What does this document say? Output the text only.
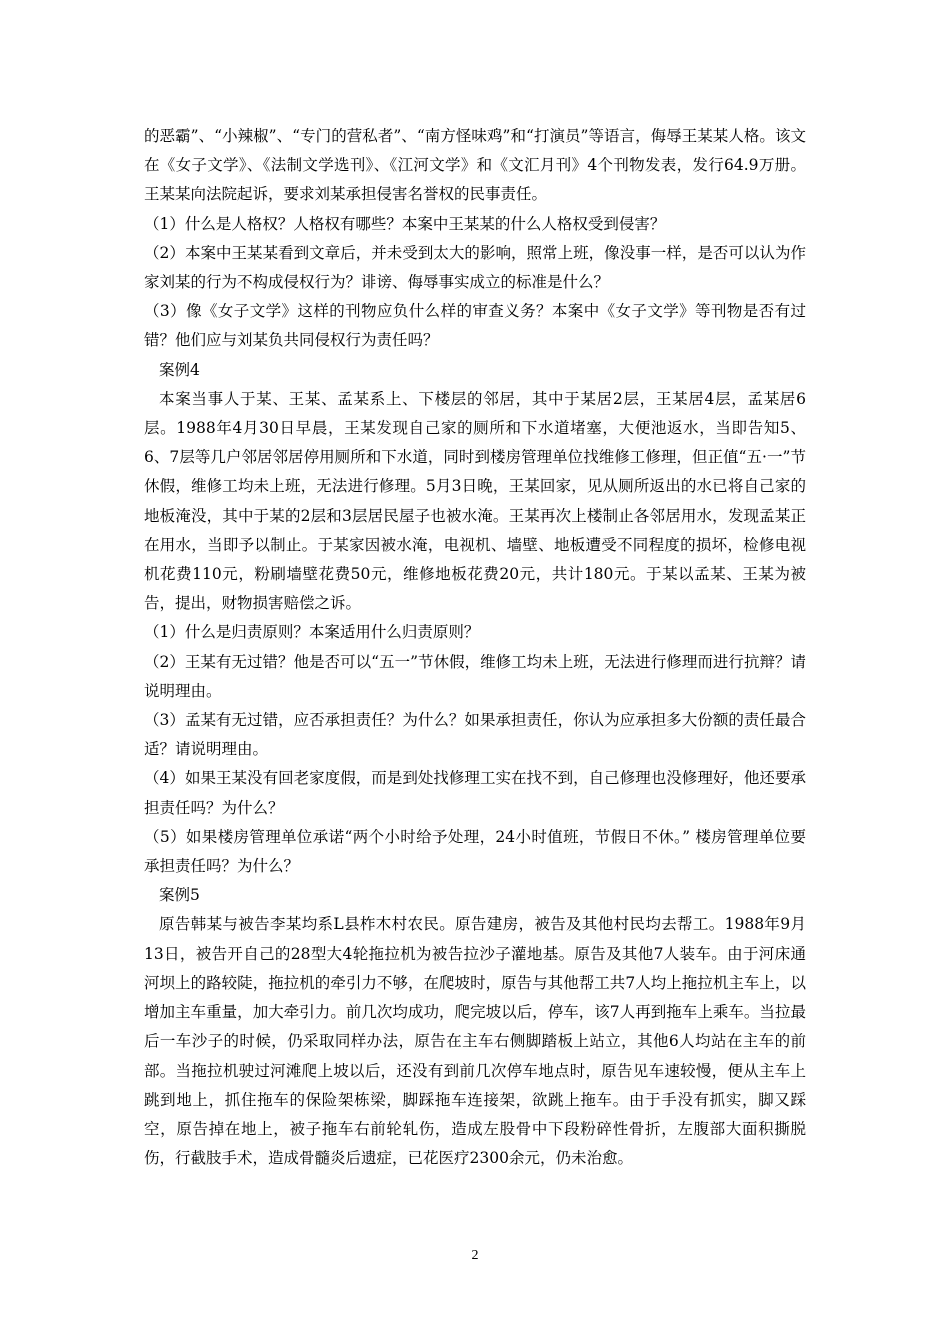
的恶霸”、“小辣椒”、“专门的营私者”、“南方怪味鸡”和“打演员”等语言，侮辱王某某人格。该文在《女子文学》、《法制文学选刊》、《江河文学》和《文汇月刊》4个刊物发表，发行64.9万册。王某某向法院起诉，要求刘某承担侵害名誉权的民事责任。

（1）什么是人格权？人格权有哪些？本案中王某某的什么人格权受到侵害？

（2）本案中王某某看到文章后，并未受到太大的影响，照常上班，像没事一样，是否可以认为作家刘某的行为不构成侵权行为？诽谤、侮辱事实成立的标准是什么？

（3）像《女子文学》这样的刊物应负什么样的审查义务？本案中《女子文学》等刊物是否有过错？他们应与刘某负共同侵权行为责任吗？

案例4

本案当事人于某、王某、孟某系上、下楼层的邻居，其中于某居2层，王某居4层，孟某居6层。1988年4月30日早晨，王某发现自己家的厕所和下水道堵塞，大便池返水，当即告知5、6、7层等几户邻居邻居停用厕所和下水道，同时到楼房管理单位找维修工修理，但正值“五·一”节休假，维修工均未上班，无法进行修理。5月3日晚，王某回家，见从厕所返出的水已将自己家的地板淹没，其中于某的2层和3层居民屋子也被水淹。王某再次上楼制止各邻居用水，发现孟某正在用水，当即予以制止。于某家因被水淹，电视机、墙壁、地板遭受不同程度的损坏，检修电视机花费110元，粉刷墙壁花费50元，维修地板花费20元，共计180元。于某以孟某、王某为被告，提出，财物损害赔偿之诉。

（1）什么是归责原则？本案适用什么归责原则？

（2）王某有无过错？他是否可以“五一”节休假，维修工均未上班，无法进行修理而进行抗辩？请说明理由。

（3）孟某有无过错，应否承担责任？为什么？如果承担责任，你认为应承担多大份额的责任最合适？请说明理由。

（4）如果王某没有回老家度假，而是到处找修理工实在找不到，自己修理也没修理好，他还要承担责任吗？为什么？

（5）如果楼房管理单位承诺“两个小时给予处理，24小时值班，节假日不休。” 楼房管理单位要承担责任吗？为什么？

案例5

原告韩某与被告李某均系L县柞木村农民。原告建房，被告及其他村民均去帮工。1988年9月13日，被告开自己的28型大4轮拖拉机为被告拉沙子灌地基。原告及其他7人装车。由于河床通河坝上的路较陡，拖拉机的牵引力不够，在爬坡时，原告与其他帮工共7人均上拖拉机主车上，以增加主车重量，加大牵引力。前几次均成功，爬完坡以后，停车，该7人再到拖车上乘车。当拉最后一车沙子的时候，仍采取同样办法，原告在主车右侧脚踏板上站立，其他6人均站在主车的前部。当拖拉机驶过河滩爬上坡以后，还没有到前几次停车地点时，原告见车速较慢，便从主车上跳到地上，抓住拖车的保险架栋梁，脚踩拖车连接架，欲跳上拖车。由于手没有抓实，脚又踩空，原告掉在地上，被子拖车右前轮轧伤，造成左股骨中下段粉碎性骨折，左腹部大面积撕脱伤，行截肢手术，造成骨髓炎后遗症，已花医疗2300余元，仍未治愈。

2
